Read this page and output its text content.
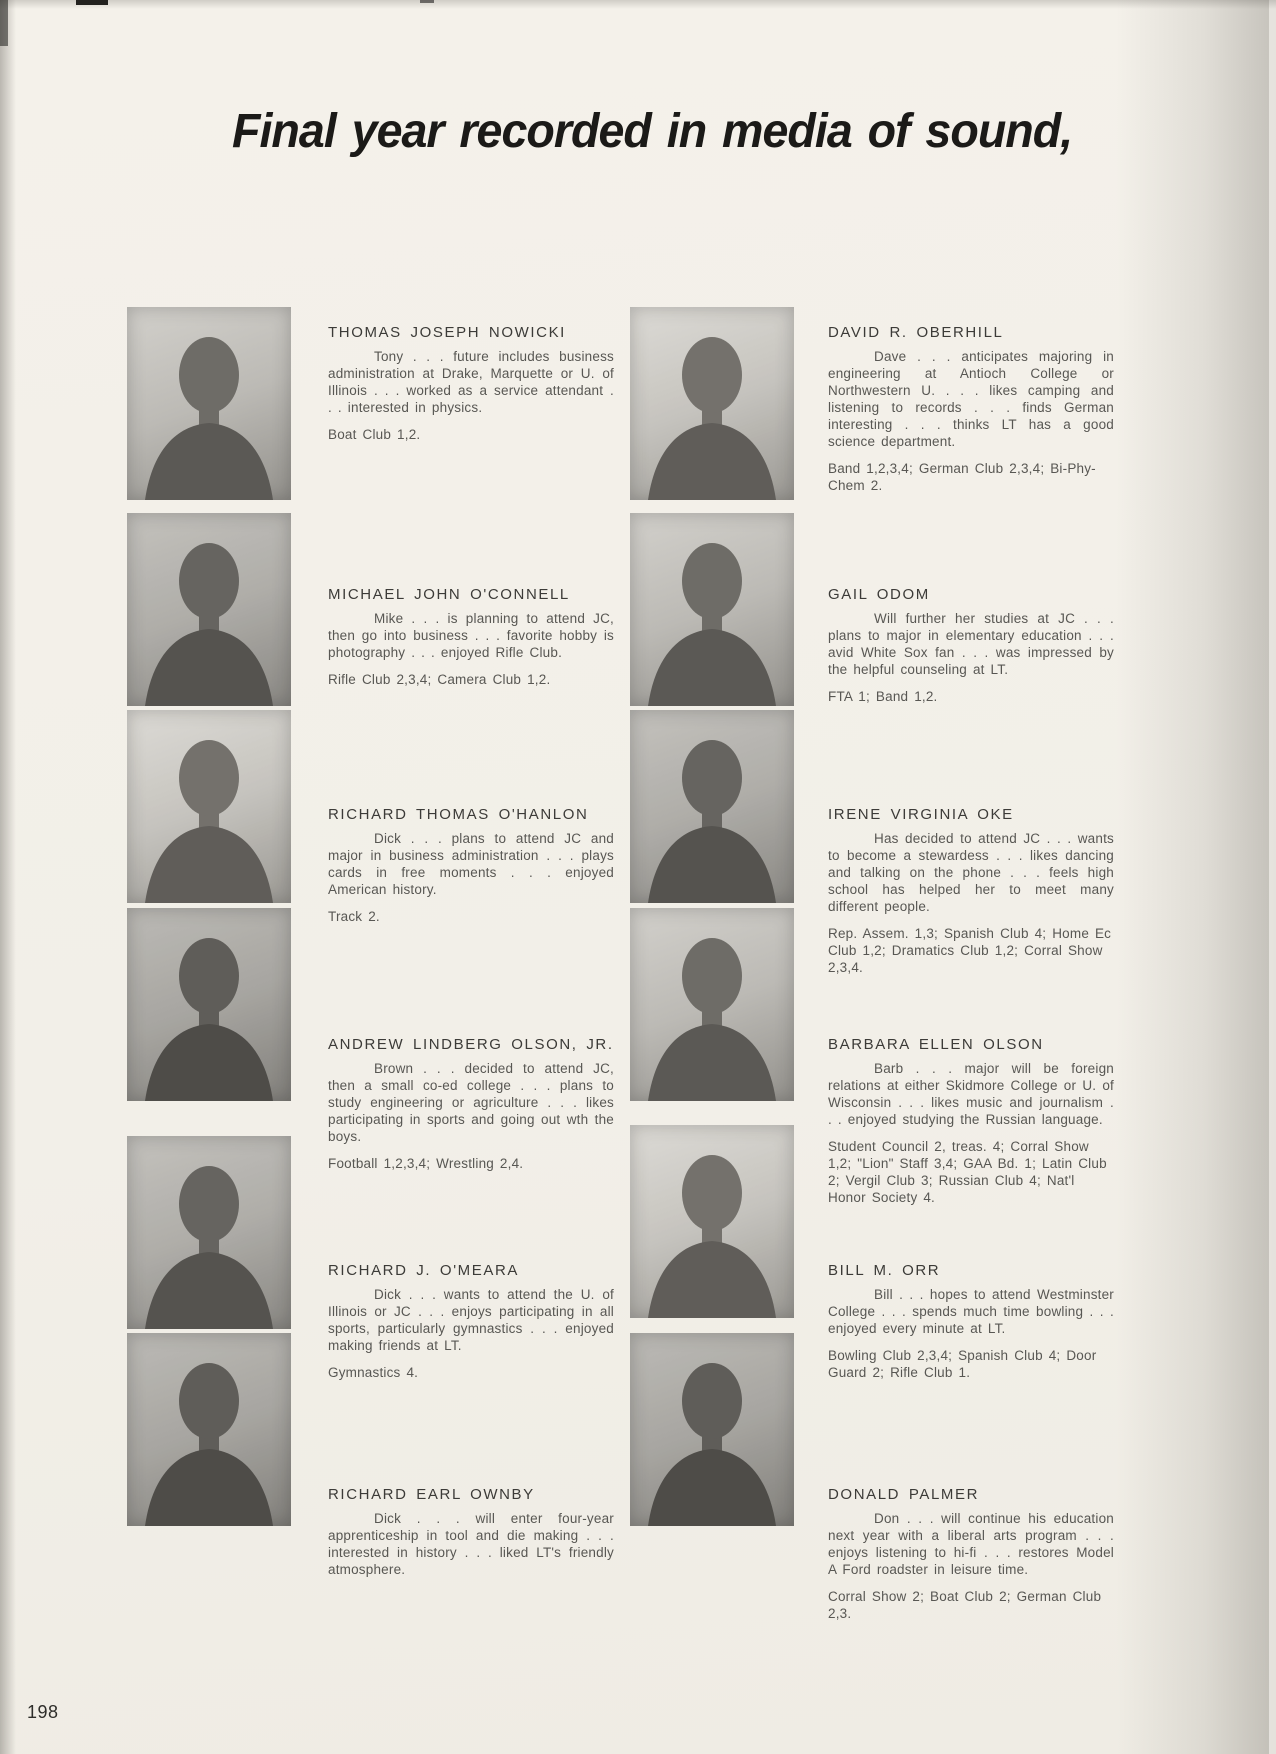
Final year recorded in media of sound,
THOMAS JOSEPH NOWICKI

Tony . . . future includes business administration at Drake, Marquette or U. of Illinois . . . worked as a service attendant . . . interested in physics.

Boat Club 1,2.

MICHAEL JOHN O'CONNELL

Mike . . . is planning to attend JC, then go into business . . . favorite hobby is photography . . . enjoyed Rifle Club.

Rifle Club 2,3,4; Camera Club 1,2.

RICHARD THOMAS O'HANLON

Dick . . . plans to attend JC and major in business administration . . . plays cards in free moments . . . enjoyed American history.

Track 2.

ANDREW LINDBERG OLSON, JR.

Brown . . . decided to attend JC, then a small co-ed college . . . plans to study engineering or agriculture . . . likes participating in sports and going out wth the boys.

Football 1,2,3,4; Wrestling 2,4.

RICHARD J. O'MEARA

Dick . . . wants to attend the U. of Illinois or JC . . . enjoys participating in all sports, particularly gymnastics . . . enjoyed making friends at LT.

Gymnastics 4.

RICHARD EARL OWNBY

Dick . . . will enter four-year apprenticeship in tool and die making . . . interested in history . . . liked LT's friendly atmosphere.

DAVID R. OBERHILL

Dave . . . anticipates majoring in engineering at Antioch College or Northwestern U. . . . likes camping and listening to records . . . finds German interesting . . . thinks LT has a good science department.

Band 1,2,3,4; German Club 2,3,4; Bi-Phy-Chem 2.

GAIL ODOM

Will further her studies at JC . . . plans to major in elementary education . . . avid White Sox fan . . . was impressed by the helpful counseling at LT.

FTA 1; Band 1,2.

IRENE VIRGINIA OKE

Has decided to attend JC . . . wants to become a stewardess . . . likes dancing and talking on the phone . . . feels high school has helped her to meet many different people.

Rep. Assem. 1,3; Spanish Club 4; Home Ec Club 1,2; Dramatics Club 1,2; Corral Show 2,3,4.

BARBARA ELLEN OLSON

Barb . . . major will be foreign relations at either Skidmore College or U. of Wisconsin . . . likes music and journalism . . . enjoyed studying the Russian language.

Student Council 2, treas. 4; Corral Show 1,2; "Lion" Staff 3,4; GAA Bd. 1; Latin Club 2; Vergil Club 3; Russian Club 4; Nat'l Honor Society 4.

BILL M. ORR

Bill . . . hopes to attend Westminster College . . . spends much time bowling . . . enjoyed every minute at LT.

Bowling Club 2,3,4; Spanish Club 4; Door Guard 2; Rifle Club 1.

DONALD PALMER

Don . . . will continue his education next year with a liberal arts program . . . enjoys listening to hi-fi . . . restores Model A Ford roadster in leisure time.

Corral Show 2; Boat Club 2; German Club 2,3.

198
